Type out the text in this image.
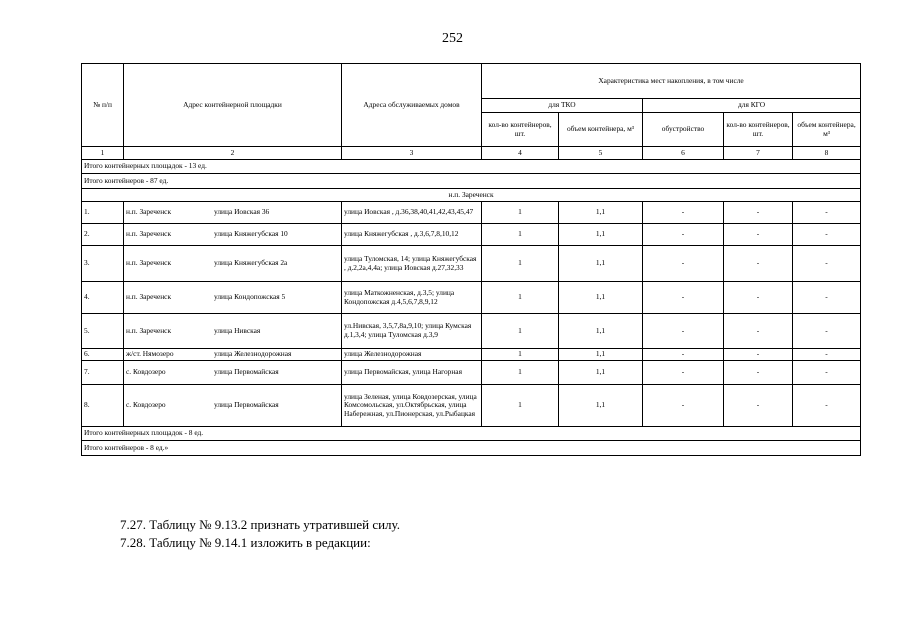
252
№ п/п	Адрес контейнерной площадки	Адреса обслуживаемых домов	Характеристика мест накопления, в том числе				
			для ТКО		для КГО		
			кол-во контейнеров, шт.	объем контейнера, м³	обустройство	кол-во контейнеров, шт.	объем контейнера, м³
1	2	3	4	5	6	7	8
Итого контейнерных площадок - 13 ед.							
Итого контейнеров - 87 ед.							
н.п. Зареченск							
1.	н.п. Зареченск улица Иовская 36	улица Иовская , д.36,38,40,41,42,43,45,47	1	1,1	-	-	-
2.	н.п. Зареченск улица Княжегубская 10	улица Княжегубская , д.3,6,7,8,10,12	1	1,1	-	-	-
3.	н.п. Зареченск улица Княжегубская 2а	улица Туломская, 14; улица Княжегубская , д.2,2а,4,4а; улица Иовская д.27,32,33	1	1,1	-	-	-
4.	н.п. Зареченск улица Кондопожская 5	улица Маткожненская, д.3,5; улица Кондопожская д.4,5,6,7,8,9,12	1	1,1	-	-	-
5.	н.п. Зареченск улица Нивская	ул.Нивская, 3,5,7,8а,9,10; улица Кумская д.1,3,4; улица Туломская д.3,9	1	1,1	-	-	-
6.	ж/ст. Нямозеро улица Железнодорожная	улица Железнодорожная	1	1,1	-	-	-
7.	с. Ковдозеро улица Первомайская	улица Первомайская, улица Нагорная	1	1,1	-	-	-
8.	с. Ковдозеро улица Первомайская	улица Зеленая, улица Ковдозерская, улица Комсомольская, ул.Октябрьская, улица Набережная, ул.Пионерская, ул.Рыбацкая	1	1,1	-	-	-
Итого контейнерных площадок - 8 ед.							
Итого контейнеров - 8 ед.»							
7.27. Таблицу № 9.13.2 признать утратившей силу.
7.28. Таблицу № 9.14.1 изложить в редакции:
